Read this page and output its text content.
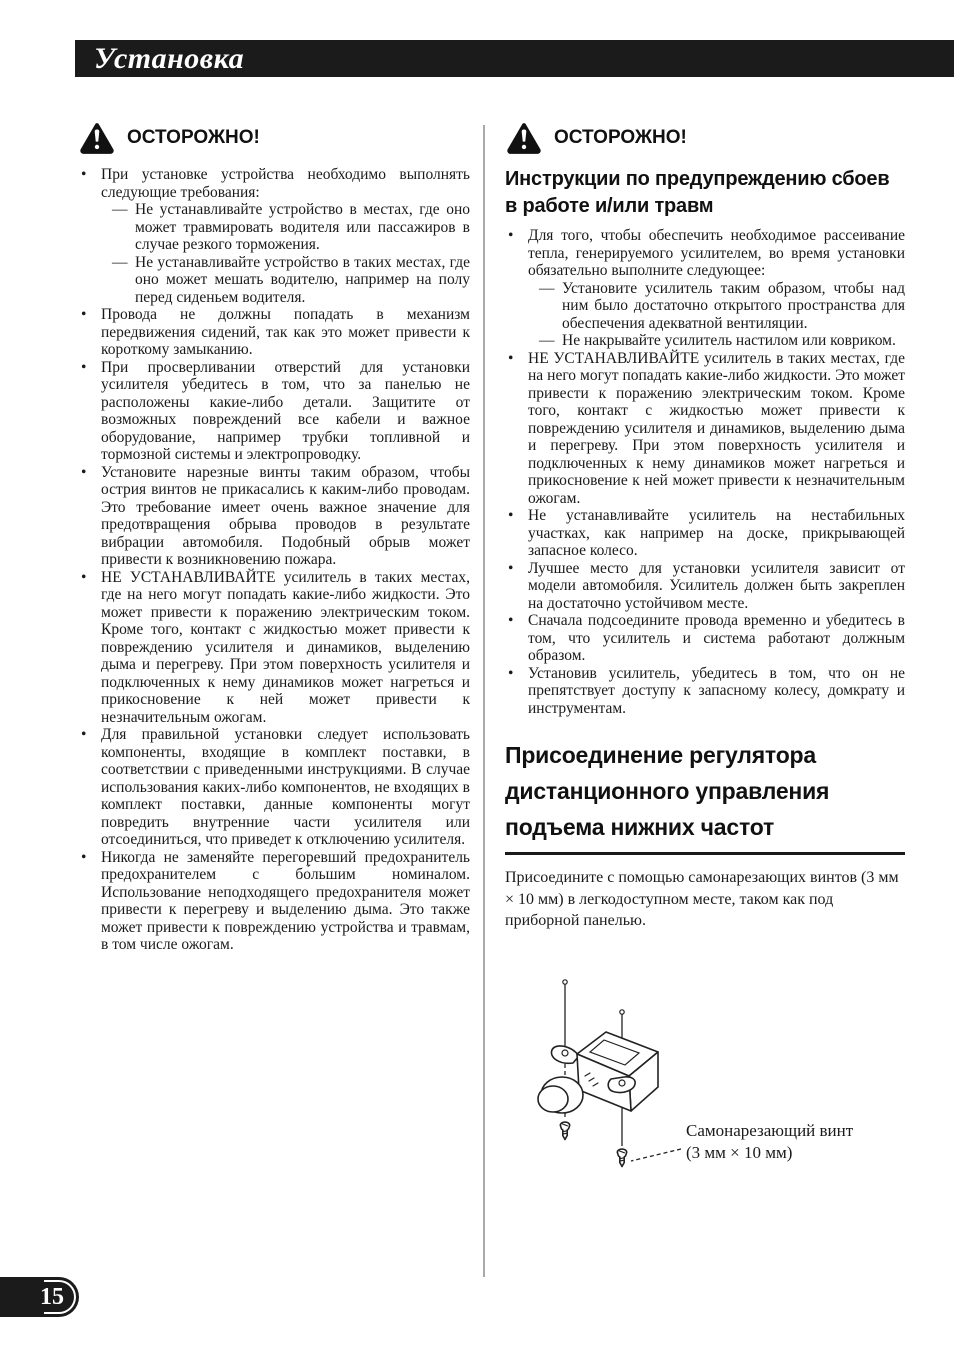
Установка
ОСТОРОЖНО!
• При установке устройства необходимо выполнять следующие требования:
— Не устанавливайте устройство в местах, где оно может травмировать водителя или пассажиров в случае резкого торможения.
— Не устанавливайте устройство в таких местах, где оно может мешать водителю, например на полу перед сиденьем водителя.
• Провода не должны попадать в механизм передвижения сидений, так как это может привести к короткому замыканию.
• При просверливании отверстий для установки усилителя убедитесь в том, что за панелью не расположены какие-либо детали. Защитите от возможных повреждений все кабели и важное оборудование, например трубки топливной и тормозной системы и электропроводку.
• Установите нарезные винты таким образом, чтобы острия винтов не прикасались к каким-либо проводам. Это требование имеет очень важное значение для предотвращения обрыва проводов в результате вибрации автомобиля. Подобный обрыв может привести к возникновению пожара.
• НЕ УСТАНАВЛИВАЙТЕ усилитель в таких местах, где на него могут попадать какие-либо жидкости. Это может привести к поражению электрическим током. Кроме того, контакт с жидкостью может привести к повреждению усилителя и динамиков, выделению дыма и перегреву. При этом поверхность усилителя и подключенных к нему динамиков может нагреться и прикосновение к ней может привести к незначительным ожогам.
• Для правильной установки следует использовать компоненты, входящие в комплект поставки, в соответствии с приведенными инструкциями. В случае использования каких-либо компонентов, не входящих в комплект поставки, данные компоненты могут повредить внутренние части усилителя или отсоединиться, что приведет к отключению усилителя.
• Никогда не заменяйте перегоревший предохранитель предохранителем с бо́льшим номиналом. Использование неподходящего предохранителя может привести к перегреву и выделению дыма. Это также может привести к повреждению устройства и травмам, в том числе ожогам.
ОСТОРОЖНО!
Инструкции по предупреждению сбоев в работе и/или травм
• Для того, чтобы обеспечить необходимое рассеивание тепла, генерируемого усилителем, во время установки обязательно выполните следующее:
— Установите усилитель таким образом, чтобы над ним было достаточно открытого пространства для обеспечения адекватной вентиляции.
— Не накрывайте усилитель настилом или ковриком.
• НЕ УСТАНАВЛИВАЙТЕ усилитель в таких местах, где на него могут попадать какие-либо жидкости. Это может привести к поражению электрическим током. Кроме того, контакт с жидкостью может привести к повреждению усилителя и динамиков, выделению дыма и перегреву. При этом поверхность усилителя и подключенных к нему динамиков может нагреться и прикосновение к ней может привести к незначительным ожогам.
• Не устанавливайте усилитель на нестабильных участках, как например на доске, прикрывающей запасное колесо.
• Лучшее место для установки усилителя зависит от модели автомобиля. Усилитель должен быть закреплен на достаточно устойчивом месте.
• Сначала подсоедините провода временно и убедитесь в том, что усилитель и система работают должным образом.
• Установив усилитель, убедитесь в том, что он не препятствует доступу к запасному колесу, домкрату и инструментам.
Присоединение регулятора дистанционного управления подъема нижних частот

Присоедините с помощью самонарезающих винтов (3 мм × 10 мм) в легкодоступном месте, таком как под приборной панелью.

Самонарезающий винт
(3 мм × 10 мм)
15
